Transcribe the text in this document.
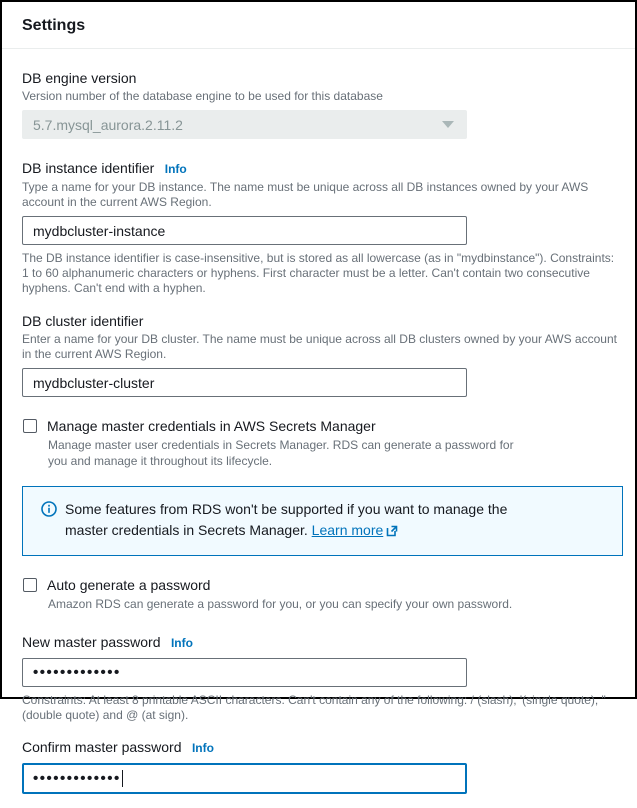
Settings
DB engine version
Version number of the database engine to be used for this database
5.7.mysql_aurora.2.11.2
DB instance identifier Info
Type a name for your DB instance. The name must be unique across all DB instances owned by your AWS account in the current AWS Region.
mydbcluster-instance
The DB instance identifier is case-insensitive, but is stored as all lowercase (as in "mydbinstance"). Constraints: 1 to 60 alphanumeric characters or hyphens. First character must be a letter. Can't contain two consecutive hyphens. Can't end with a hyphen.
DB cluster identifier
Enter a name for your DB cluster. The name must be unique across all DB clusters owned by your AWS account in the current AWS Region.
mydbcluster-cluster
Manage master credentials in AWS Secrets Manager
Manage master user credentials in Secrets Manager. RDS can generate a password for you and manage it throughout its lifecycle.
Some features from RDS won't be supported if you want to manage the master credentials in Secrets Manager. Learn more
Auto generate a password
Amazon RDS can generate a password for you, or you can specify your own password.
New master password Info
•••••••••••••
Constraints: At least 8 printable ASCII characters. Can't contain any of the following: / (slash), '(single quote), "(double quote) and @ (at sign).
Confirm master password Info
•••••••••••••
